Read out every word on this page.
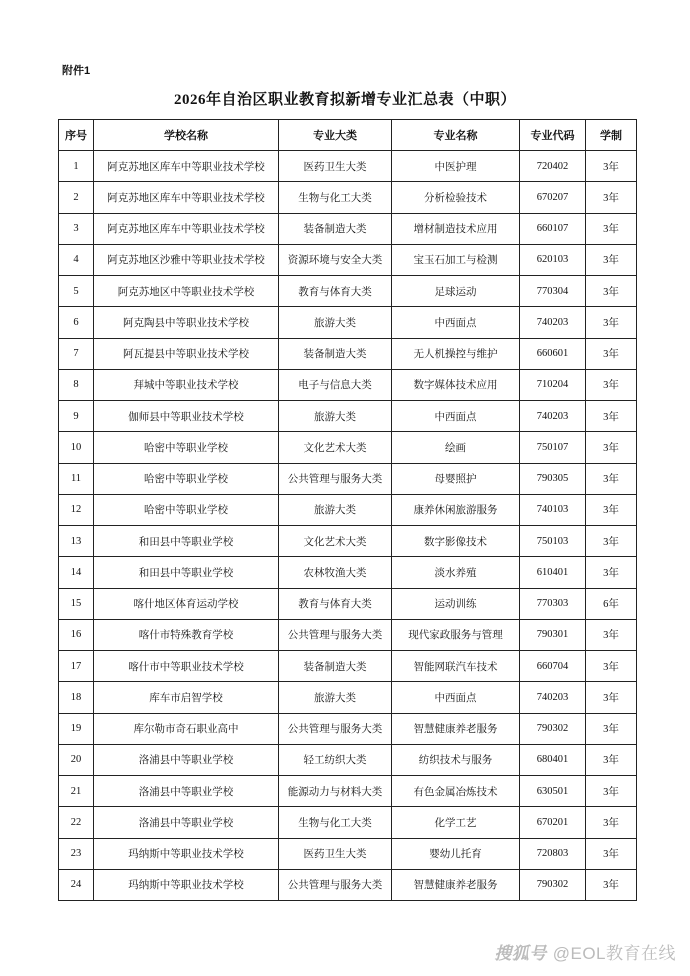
附件1
2026年自治区职业教育拟新增专业汇总表（中职）
序号	学校名称	专业大类	专业名称	专业代码	学制
1	阿克苏地区库车中等职业技术学校	医药卫生大类	中医护理	720402	3年
2	阿克苏地区库车中等职业技术学校	生物与化工大类	分析检验技术	670207	3年
3	阿克苏地区库车中等职业技术学校	装备制造大类	增材制造技术应用	660107	3年
4	阿克苏地区沙雅中等职业技术学校	资源环境与安全大类	宝玉石加工与检测	620103	3年
5	阿克苏地区中等职业技术学校	教育与体育大类	足球运动	770304	3年
6	阿克陶县中等职业技术学校	旅游大类	中西面点	740203	3年
7	阿瓦提县中等职业技术学校	装备制造大类	无人机操控与维护	660601	3年
8	拜城中等职业技术学校	电子与信息大类	数字媒体技术应用	710204	3年
9	伽师县中等职业技术学校	旅游大类	中西面点	740203	3年
10	哈密中等职业学校	文化艺术大类	绘画	750107	3年
11	哈密中等职业学校	公共管理与服务大类	母婴照护	790305	3年
12	哈密中等职业学校	旅游大类	康养休闲旅游服务	740103	3年
13	和田县中等职业学校	文化艺术大类	数字影像技术	750103	3年
14	和田县中等职业学校	农林牧渔大类	淡水养殖	610401	3年
15	喀什地区体育运动学校	教育与体育大类	运动训练	770303	6年
16	喀什市特殊教育学校	公共管理与服务大类	现代家政服务与管理	790301	3年
17	喀什市中等职业技术学校	装备制造大类	智能网联汽车技术	660704	3年
18	库车市启智学校	旅游大类	中西面点	740203	3年
19	库尔勒市奇石职业高中	公共管理与服务大类	智慧健康养老服务	790302	3年
20	洛浦县中等职业学校	轻工纺织大类	纺织技术与服务	680401	3年
21	洛浦县中等职业学校	能源动力与材料大类	有色金属冶炼技术	630501	3年
22	洛浦县中等职业学校	生物与化工大类	化学工艺	670201	3年
23	玛纳斯中等职业技术学校	医药卫生大类	婴幼儿托育	720803	3年
24	玛纳斯中等职业技术学校	公共管理与服务大类	智慧健康养老服务	790302	3年
搜狐号 @EOL教育在线
